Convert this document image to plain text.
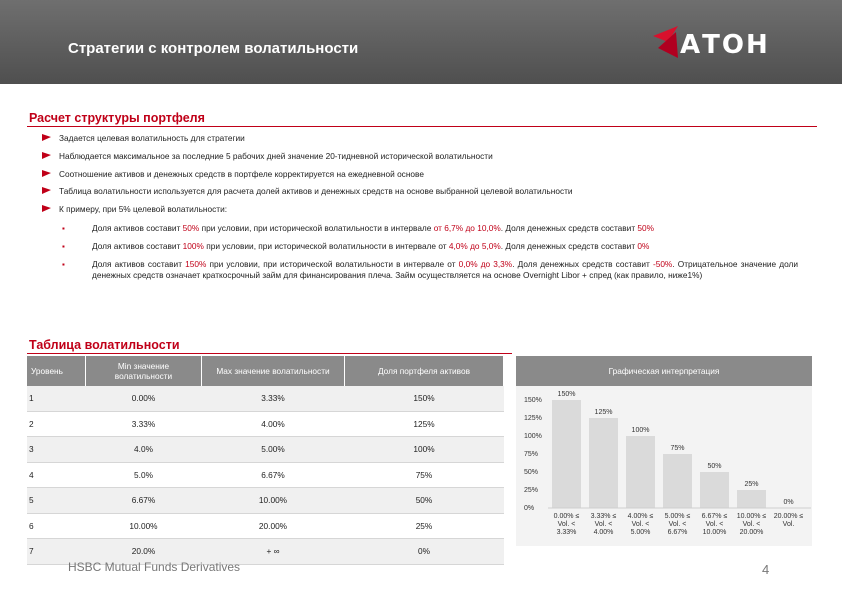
Стратегии с контролем волатильности	АТОН
Расчет структуры портфеля
Задается целевая волатильность для стратегии
Наблюдается максимальное за последние 5 рабочих дней значение 20-тидневной исторической волатильности
Соотношение активов и денежных средств в портфеле корректируется на ежедневной основе
Таблица волатильности используется для расчета долей активов и денежных средств на основе выбранной целевой волатильности
К примеру, при 5% целевой волатильности:
▪	Доля активов составит 50% при условии, при исторической волатильности в интервале от 6,7% до 10,0%. Доля денежных средств составит 50%
▪	Доля активов составит 100% при условии, при исторической волатильности в интервале от 4,0% до 5,0%. Доля денежных средств составит 0%
▪	Доля активов составит 150% при условии, при исторической волатильности в интервале от 0,0% до 3,3%. Доля денежных средств составит -50%. Отрицательное значение доли денежных средств означает краткосрочный займ для финансирования плеча. Займ осуществляется на основе Overnight Libor + спред (как правило, ниже1%)
Таблица волатильности
Уровень	Min значение волатильности	Max значение волатильности	Доля портфеля активов
1	0.00%	3.33%	150%
2	3.33%	4.00%	125%
3	4.0%	5.00%	100%
4	5.0%	6.67%	75%
5	6.67%	10.00%	50%
6	10.00%	20.00%	25%
7	20.0%	+ ∞	0%
Графическая интерпретация
0%
25%
50%
75%
100%
125%
150%
150%
0.00% ≤
Vol. <
3.33%
125%
3.33% ≤
Vol. <
4.00%
100%
4.00% ≤
Vol. <
5.00%
75%
5.00% ≤
Vol. <
6.67%
50%
6.67% ≤
Vol. <
10.00%
25%
10.00% ≤
Vol. <
20.00%
0%
20.00% ≤
Vol.
HSBC Mutual Funds Derivatives	4
